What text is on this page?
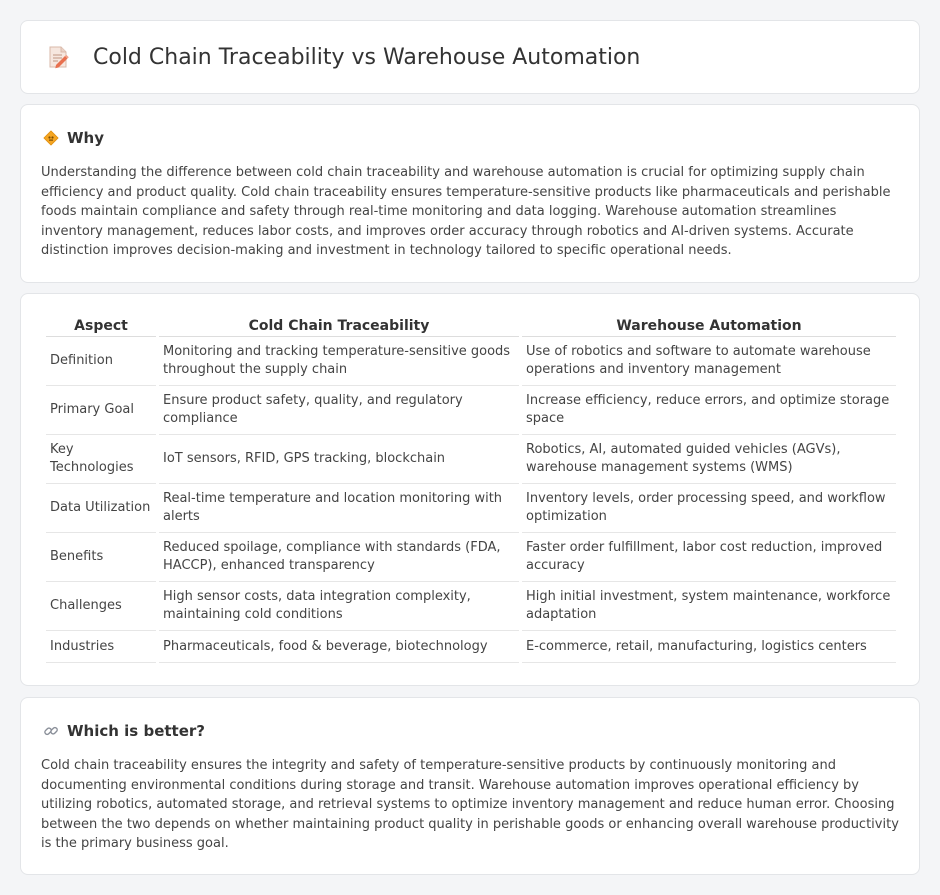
Cold Chain Traceability vs Warehouse Automation
Why

Understanding the difference between cold chain traceability and warehouse automation is crucial for optimizing supply chain efficiency and product quality. Cold chain traceability ensures temperature-sensitive products like pharmaceuticals and perishable foods maintain compliance and safety through real-time monitoring and data logging. Warehouse automation streamlines inventory management, reduces labor costs, and improves order accuracy through robotics and AI-driven systems. Accurate distinction improves decision-making and investment in technology tailored to specific operational needs.

Aspect	Cold Chain Traceability	Warehouse Automation
Definition	Monitoring and tracking temperature-sensitive goods throughout the supply chain	Use of robotics and software to automate warehouse operations and inventory management
Primary Goal	Ensure product safety, quality, and regulatory compliance	Increase efficiency, reduce errors, and optimize storage space
Key Technologies	IoT sensors, RFID, GPS tracking, blockchain	Robotics, AI, automated guided vehicles (AGVs), warehouse management systems (WMS)
Data Utilization	Real-time temperature and location monitoring with alerts	Inventory levels, order processing speed, and workflow optimization
Benefits	Reduced spoilage, compliance with standards (FDA, HACCP), enhanced transparency	Faster order fulfillment, labor cost reduction, improved accuracy
Challenges	High sensor costs, data integration complexity, maintaining cold conditions	High initial investment, system maintenance, workforce adaptation
Industries	Pharmaceuticals, food & beverage, biotechnology	E-commerce, retail, manufacturing, logistics centers
Which is better?

Cold chain traceability ensures the integrity and safety of temperature-sensitive products by continuously monitoring and documenting environmental conditions during storage and transit. Warehouse automation improves operational efficiency by utilizing robotics, automated storage, and retrieval systems to optimize inventory management and reduce human error. Choosing between the two depends on whether maintaining product quality in perishable goods or enhancing overall warehouse productivity is the primary business goal.
